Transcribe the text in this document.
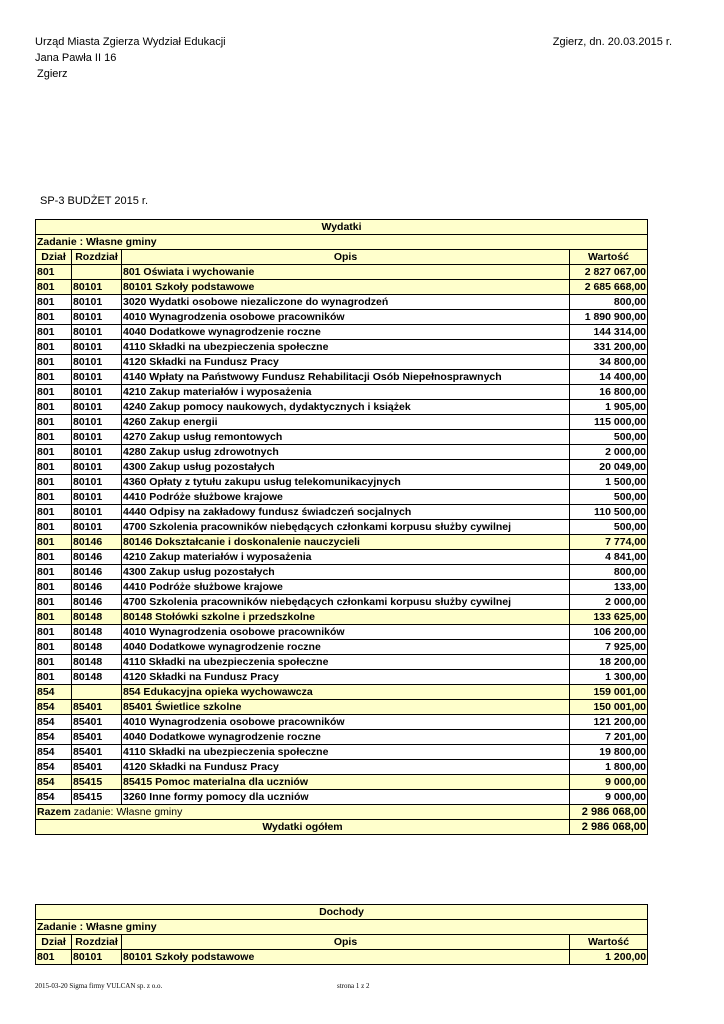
Urząd Miasta Zgierza Wydział Edukacji
Jana Pawła II 16
Zgierz
Zgierz, dn. 20.03.2015 r.
SP-3 BUDŻET 2015 r.
Wydatki			
Zadanie : Własne gminy			
Dział	Rozdział	Opis	Wartość
801		801 Oświata i wychowanie	2 827 067,00
801	80101	80101 Szkoły podstawowe	2 685 668,00
801	80101	3020 Wydatki osobowe niezaliczone do wynagrodzeń	800,00
801	80101	4010 Wynagrodzenia osobowe pracowników	1 890 900,00
801	80101	4040 Dodatkowe wynagrodzenie roczne	144 314,00
801	80101	4110 Składki na ubezpieczenia społeczne	331 200,00
801	80101	4120 Składki na Fundusz Pracy	34 800,00
801	80101	4140 Wpłaty na Państwowy Fundusz Rehabilitacji Osób Niepełnosprawnych	14 400,00
801	80101	4210 Zakup materiałów i wyposażenia	16 800,00
801	80101	4240 Zakup pomocy naukowych, dydaktycznych i książek	1 905,00
801	80101	4260 Zakup energii	115 000,00
801	80101	4270 Zakup usług remontowych	500,00
801	80101	4280 Zakup usług zdrowotnych	2 000,00
801	80101	4300 Zakup usług pozostałych	20 049,00
801	80101	4360 Opłaty z tytułu zakupu usług telekomunikacyjnych	1 500,00
801	80101	4410 Podróże służbowe krajowe	500,00
801	80101	4440 Odpisy na zakładowy fundusz świadczeń socjalnych	110 500,00
801	80101	4700 Szkolenia pracowników niebędących członkami korpusu służby cywilnej	500,00
801	80146	80146 Dokształcanie i doskonalenie nauczycieli	7 774,00
801	80146	4210 Zakup materiałów i wyposażenia	4 841,00
801	80146	4300 Zakup usług pozostałych	800,00
801	80146	4410 Podróże służbowe krajowe	133,00
801	80146	4700 Szkolenia pracowników niebędących członkami korpusu służby cywilnej	2 000,00
801	80148	80148 Stołówki szkolne i przedszkolne	133 625,00
801	80148	4010 Wynagrodzenia osobowe pracowników	106 200,00
801	80148	4040 Dodatkowe wynagrodzenie roczne	7 925,00
801	80148	4110 Składki na ubezpieczenia społeczne	18 200,00
801	80148	4120 Składki na Fundusz Pracy	1 300,00
854		854 Edukacyjna opieka wychowawcza	159 001,00
854	85401	85401 Świetlice szkolne	150 001,00
854	85401	4010 Wynagrodzenia osobowe pracowników	121 200,00
854	85401	4040 Dodatkowe wynagrodzenie roczne	7 201,00
854	85401	4110 Składki na ubezpieczenia społeczne	19 800,00
854	85401	4120 Składki na Fundusz Pracy	1 800,00
854	85415	85415 Pomoc materialna dla uczniów	9 000,00
854	85415	3260 Inne formy pomocy dla uczniów	9 000,00
Razem zadanie: Własne gminy			2 986 068,00
Wydatki ogółem			2 986 068,00
Dochody			
Zadanie : Własne gminy			
Dział	Rozdział	Opis	Wartość
801	80101	80101 Szkoły podstawowe	1 200,00
2015-03-20 Sigma firmy VULCAN sp. z o.o.	strona 1 z 2
